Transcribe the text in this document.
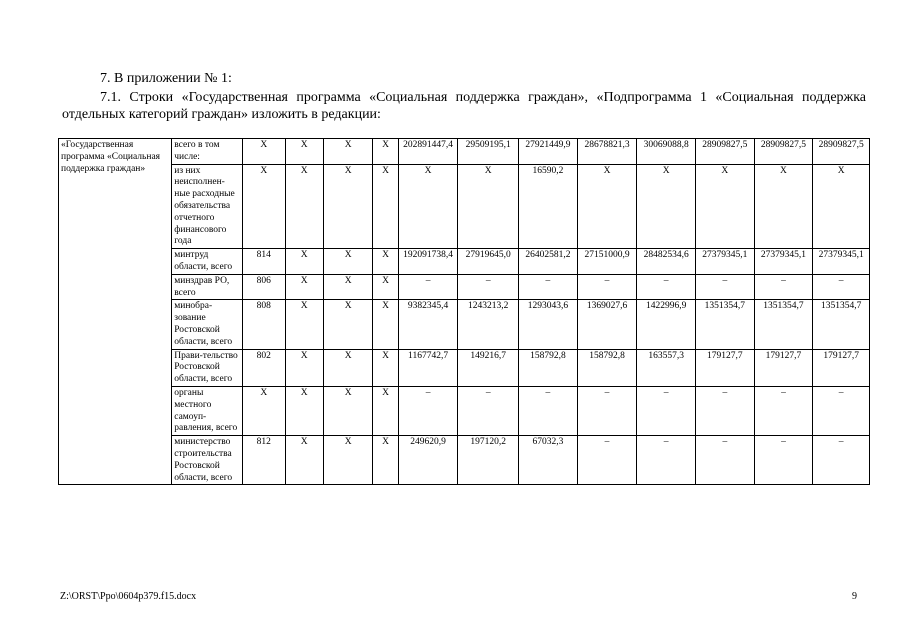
7. В приложении № 1:
7.1. Строки «Государственная программа «Социальная поддержка граждан», «Подпрограмма 1 «Социальная поддержка отдельных категорий граждан» изложить в редакции:
«Государственная программа «Социальная поддержка граждан»	всего в том числе:	X	X	X	X	202891447,4	29509195,1	27921449,9	28678821,3	30069088,8	28909827,5	28909827,5	28909827,5
	из них неисполнен-ные расходные обязательства отчетного финансового года	X	X	X	X	X	X	16590,2	X	X	X	X	X
	минтруд области, всего	814	X	X	X	192091738,4	27919645,0	26402581,2	27151000,9	28482534,6	27379345,1	27379345,1	27379345,1
	минздрав РО, всего	806	X	X	X	–	–	–	–	–	–	–	–
	минобра-зование Ростовской области, всего	808	X	X	X	9382345,4	1243213,2	1293043,6	1369027,6	1422996,9	1351354,7	1351354,7	1351354,7
	Прави-тельство Ростовской области, всего	802	X	X	X	1167742,7	149216,7	158792,8	158792,8	163557,3	179127,7	179127,7	179127,7
	органы местного самоуп-равления, всего	X	X	X	X	–	–	–	–	–	–	–	–
	министерство строительства Ростовской области, всего	812	X	X	X	249620,9	197120,2	67032,3	–	–	–	–	–
Z:\ORST\Ppo\0604p379.f15.docx	9
